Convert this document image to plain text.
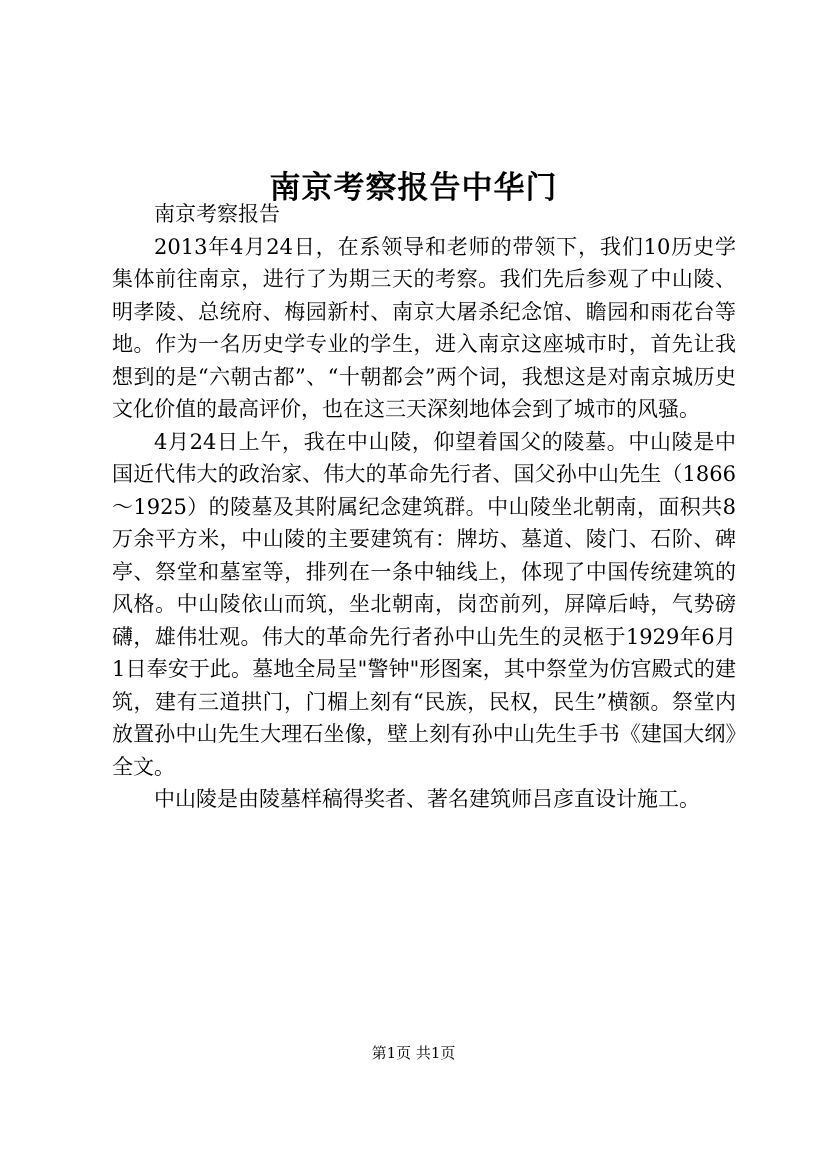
南京考察报告中华门

南京考察报告

2013年4月24日，在系领导和老师的带领下，我们10历史学集体前往南京，进行了为期三天的考察。我们先后参观了中山陵、明孝陵、总统府、梅园新村、南京大屠杀纪念馆、瞻园和雨花台等地。作为一名历史学专业的学生，进入南京这座城市时，首先让我想到的是“六朝古都”、“十朝都会”两个词，我想这是对南京城历史文化价值的最高评价，也在这三天深刻地体会到了城市的风骚。

4月24日上午，我在中山陵，仰望着国父的陵墓。中山陵是中国近代伟大的政治家、伟大的革命先行者、国父孙中山先生（1866～1925）的陵墓及其附属纪念建筑群。中山陵坐北朝南，面积共8万余平方米，中山陵的主要建筑有：牌坊、墓道、陵门、石阶、碑亭、祭堂和墓室等，排列在一条中轴线上，体现了中国传统建筑的风格。中山陵依山而筑，坐北朝南，岗峦前列，屏障后峙，气势磅礴，雄伟壮观。伟大的革命先行者孙中山先生的灵柩于1929年6月1日奉安于此。墓地全局呈"警钟"形图案，其中祭堂为仿宫殿式的建筑，建有三道拱门，门楣上刻有“民族，民权，民生”横额。祭堂内放置孙中山先生大理石坐像，壁上刻有孙中山先生手书《建国大纲》全文。

中山陵是由陵墓样稿得奖者、著名建筑师吕彦直设计施工。

第1页 共1页
